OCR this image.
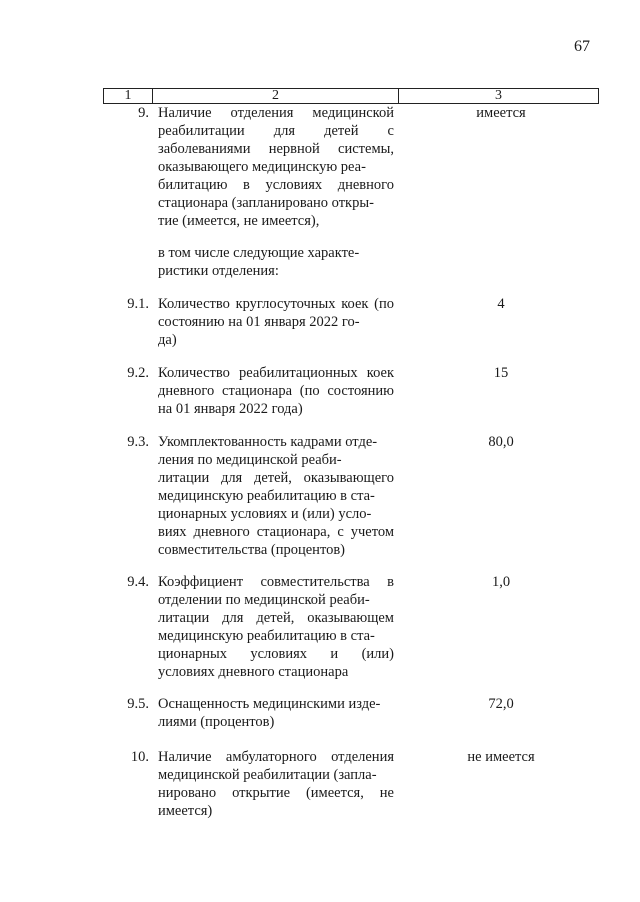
67
1	2	3
9. Наличие отделения медицинской реабилитации для детей с заболеваниями нервной системы, оказывающего медицинскую реа-
билитацию в условиях дневного стационара (запланировано откры-
тие (имеется, не имеется),
имеется
в том числе следующие характе-
ристики отделения:
9.1. Количество круглосуточных коек (по состоянию на 01 января 2022 го-
да)
4
9.2. Количество реабилитационных коек дневного стационара (по состоянию на 01 января 2022 года)
15
9.3. Укомплектованность кадрами отде-
ления по медицинской реаби-
литации для детей, оказывающего медицинскую реабилитацию в ста-
ционарных условиях и (или) усло-
виях дневного стационара, с учетом совместительства (процентов)
80,0
9.4. Коэффициент совместительства в отделении по медицинской реаби-
литации для детей, оказывающем медицинскую реабилитацию в ста-
ционарных условиях и (или) условиях дневного стационара
1,0
9.5. Оснащенность медицинскими изде-
лиями (процентов)
72,0
10. Наличие амбулаторного отделения медицинской реабилитации (запла-
нировано открытие (имеется, не имеется)
не имеется
